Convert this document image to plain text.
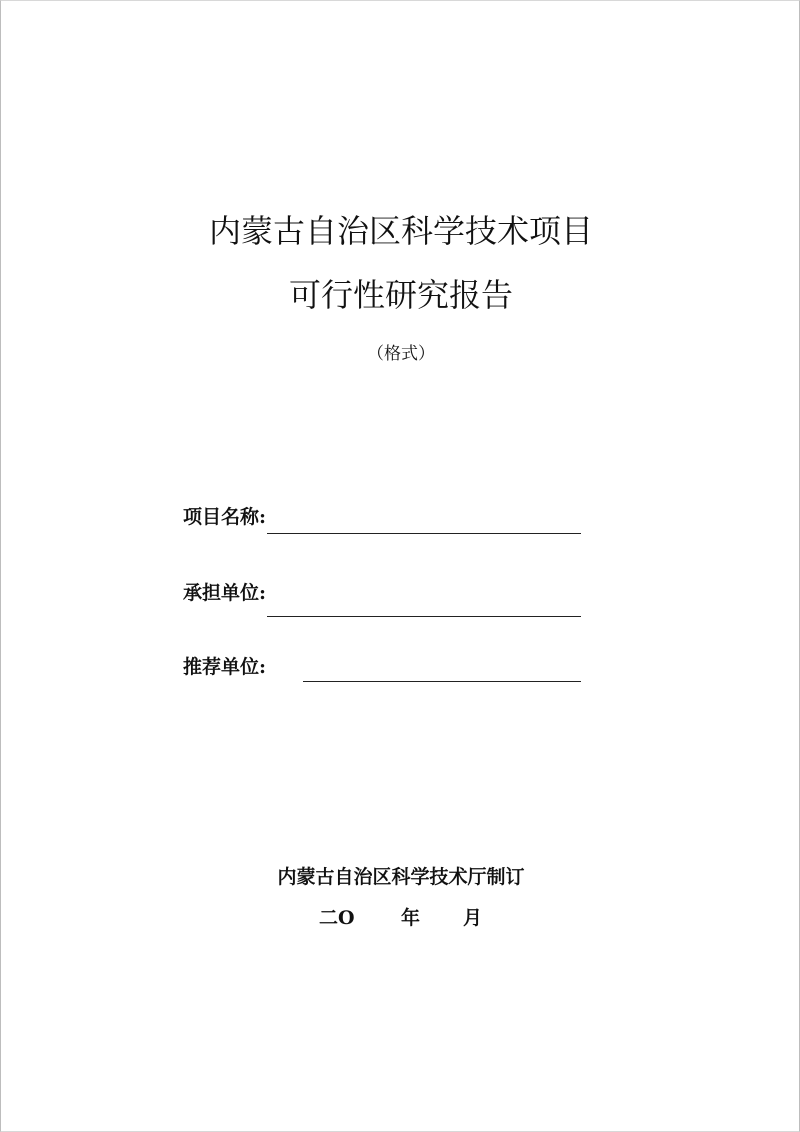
内蒙古自治区科学技术项目
可行性研究报告
（格式）
项目名称:
承担单位:
推荐单位:
内蒙古自治区科学技术厅制订
二O 年 月
